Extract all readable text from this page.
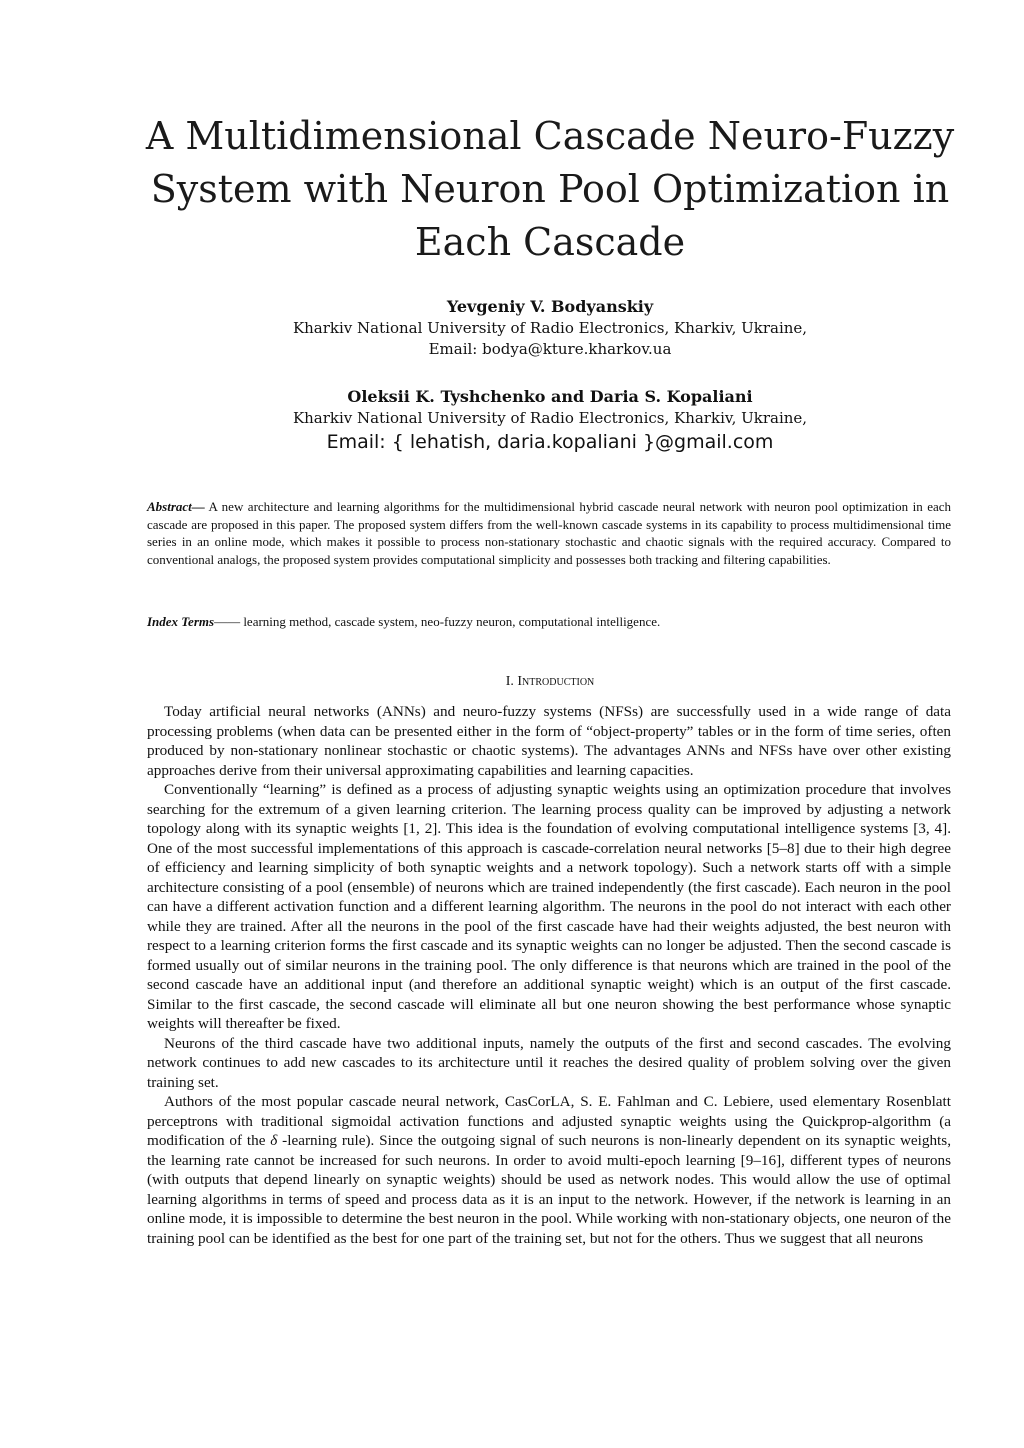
A Multidimensional Cascade Neuro-Fuzzy
System with Neuron Pool Optimization in
Each Cascade
Yevgeniy V. Bodyanskiy
Kharkiv National University of Radio Electronics, Kharkiv, Ukraine,
Email: bodya@kture.kharkov.ua
Oleksii K. Tyshchenko and Daria S. Kopaliani
Kharkiv National University of Radio Electronics, Kharkiv, Ukraine,
Email: { lehatish, daria.kopaliani }@gmail.com

Abstract— A new architecture and learning algorithms for the multidimensional hybrid cascade neural network with neuron pool optimization in each cascade are proposed in this paper. The proposed system differs from the well-known cascade systems in its capability to process multidimensional time series in an online mode, which makes it possible to process non-stationary stochastic and chaotic signals with the required accuracy. Compared to conventional analogs, the proposed system provides computational simplicity and possesses both tracking and filtering capabilities.

Index Terms—— learning method, cascade system, neo-fuzzy neuron, computational intelligence.

I. Introduction

Today artificial neural networks (ANNs) and neuro-fuzzy systems (NFSs) are successfully used in a wide range of data processing problems (when data can be presented either in the form of “object-property” tables or in the form of time series, often produced by non-stationary nonlinear stochastic or chaotic systems). The advantages ANNs and NFSs have over other existing approaches derive from their universal approximating capabilities and learning capacities.

Conventionally “learning” is defined as a process of adjusting synaptic weights using an optimization procedure that involves searching for the extremum of a given learning criterion. The learning process quality can be improved by adjusting a network topology along with its synaptic weights [1, 2]. This idea is the foundation of evolving computational intelligence systems [3, 4]. One of the most successful implementations of this approach is cascade-correlation neural networks [5–8] due to their high degree of efficiency and learning simplicity of both synaptic weights and a network topology). Such a network starts off with a simple architecture consisting of a pool (ensemble) of neurons which are trained independently (the first cascade). Each neuron in the pool can have a different activation function and a different learning algorithm. The neurons in the pool do not interact with each other while they are trained. After all the neurons in the pool of the first cascade have had their weights adjusted, the best neuron with respect to a learning criterion forms the first cascade and its synaptic weights can no longer be adjusted. Then the second cascade is formed usually out of similar neurons in the training pool. The only difference is that neurons which are trained in the pool of the second cascade have an additional input (and therefore an additional synaptic weight) which is an output of the first cascade. Similar to the first cascade, the second cascade will eliminate all but one neuron showing the best performance whose synaptic weights will thereafter be fixed.

Neurons of the third cascade have two additional inputs, namely the outputs of the first and second cascades. The evolving network continues to add new cascades to its architecture until it reaches the desired quality of problem solving over the given training set.

Authors of the most popular cascade neural network, CasCorLA, S. E. Fahlman and C. Lebiere, used elementary Rosenblatt perceptrons with traditional sigmoidal activation functions and adjusted synaptic weights using the Quickprop-algorithm (a modification of the δ -learning rule). Since the outgoing signal of such neurons is non-linearly dependent on its synaptic weights, the learning rate cannot be increased for such neurons. In order to avoid multi-epoch learning [9–16], different types of neurons (with outputs that depend linearly on synaptic weights) should be used as network nodes. This would allow the use of optimal learning algorithms in terms of speed and process data as it is an input to the network. However, if the network is learning in an online mode, it is impossible to determine the best neuron in the pool. While working with non-stationary objects, one neuron of the training pool can be identified as the best for one part of the training set, but not for the others. Thus we suggest that all neurons
